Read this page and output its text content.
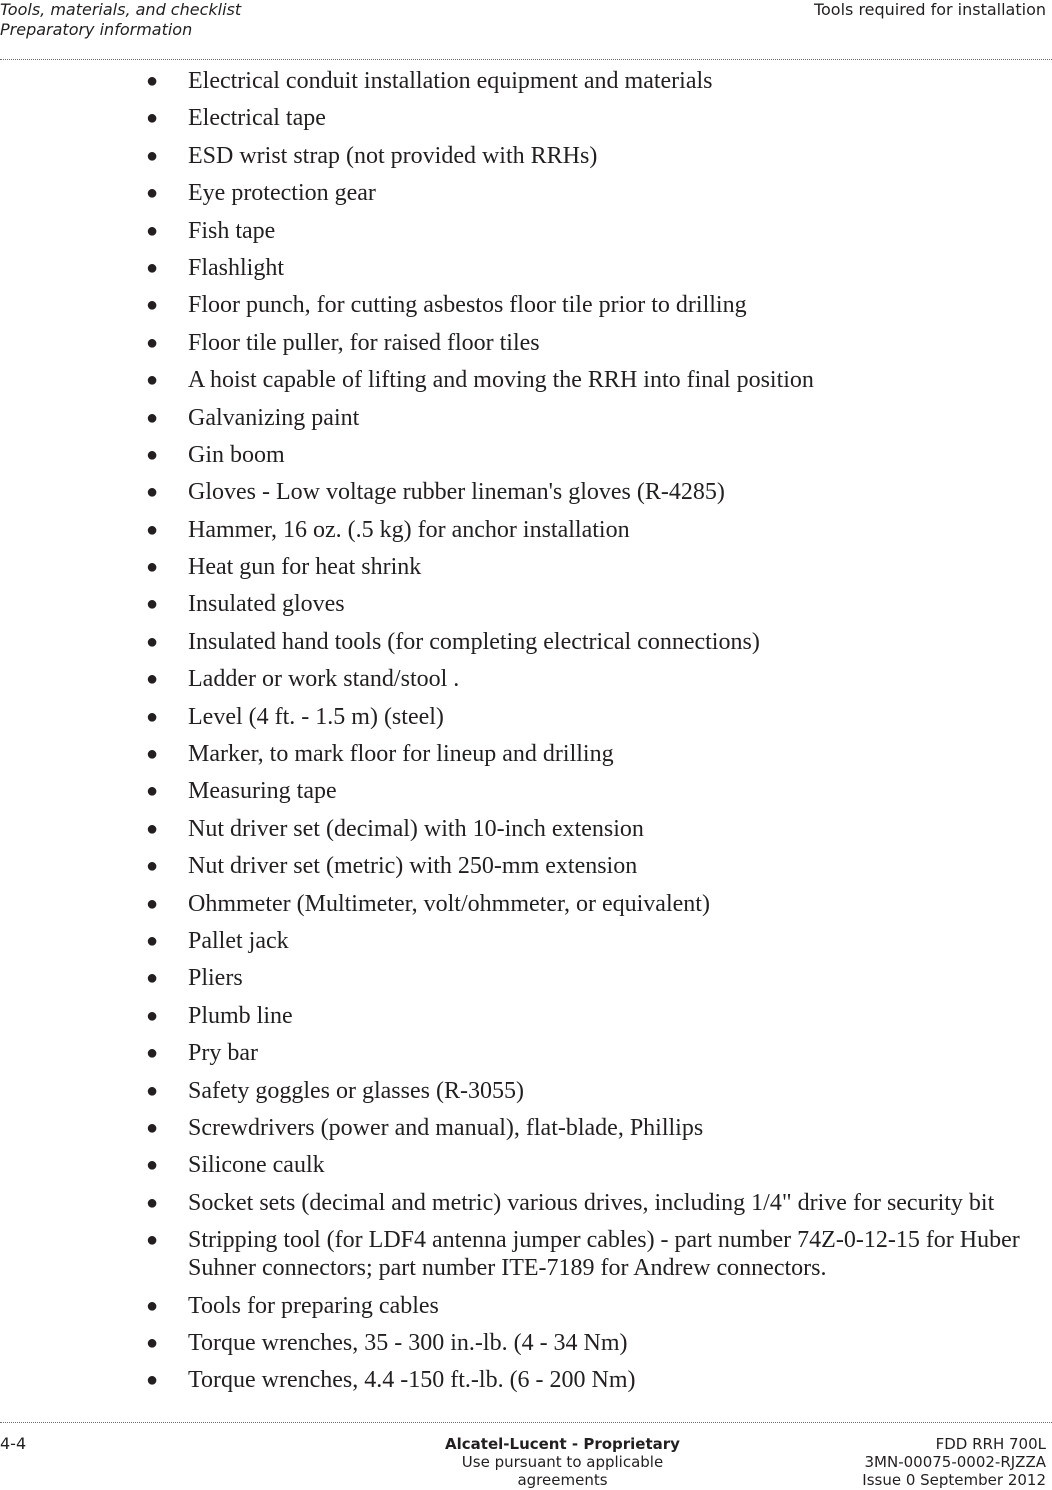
Tools, materials, and checklist
Preparatory information
Tools required for installation
● Electrical conduit installation equipment and materials
● Electrical tape
● ESD wrist strap (not provided with RRHs)
● Eye protection gear
● Fish tape
● Flashlight
● Floor punch, for cutting asbestos floor tile prior to drilling
● Floor tile puller, for raised floor tiles
● A hoist capable of lifting and moving the RRH into final position
● Galvanizing paint
● Gin boom
● Gloves - Low voltage rubber lineman's gloves (R-4285)
● Hammer, 16 oz. (.5 kg) for anchor installation
● Heat gun for heat shrink
● Insulated gloves
● Insulated hand tools (for completing electrical connections)
● Ladder or work stand/stool .
● Level (4 ft. - 1.5 m) (steel)
● Marker, to mark floor for lineup and drilling
● Measuring tape
● Nut driver set (decimal) with 10-inch extension
● Nut driver set (metric) with 250-mm extension
● Ohmmeter (Multimeter, volt/ohmmeter, or equivalent)
● Pallet jack
● Pliers
● Plumb line
● Pry bar
● Safety goggles or glasses (R-3055)
● Screwdrivers (power and manual), flat-blade, Phillips
● Silicone caulk
● Socket sets (decimal and metric) various drives, including 1/4" drive for security bit
● Stripping tool (for LDF4 antenna jumper cables) - part number 74Z-0-12-15 for Huber Suhner connectors; part number ITE-7189 for Andrew connectors.
● Tools for preparing cables
● Torque wrenches, 35 - 300 in.-lb. (4 - 34 Nm)
● Torque wrenches, 4.4 -150 ft.-lb. (6 - 200 Nm)
4-4	Alcatel-Lucent - Proprietary
Use pursuant to applicable agreements
FDD RRH 700L
3MN-00075-0002-RJZZA
Issue 0 September 2012
